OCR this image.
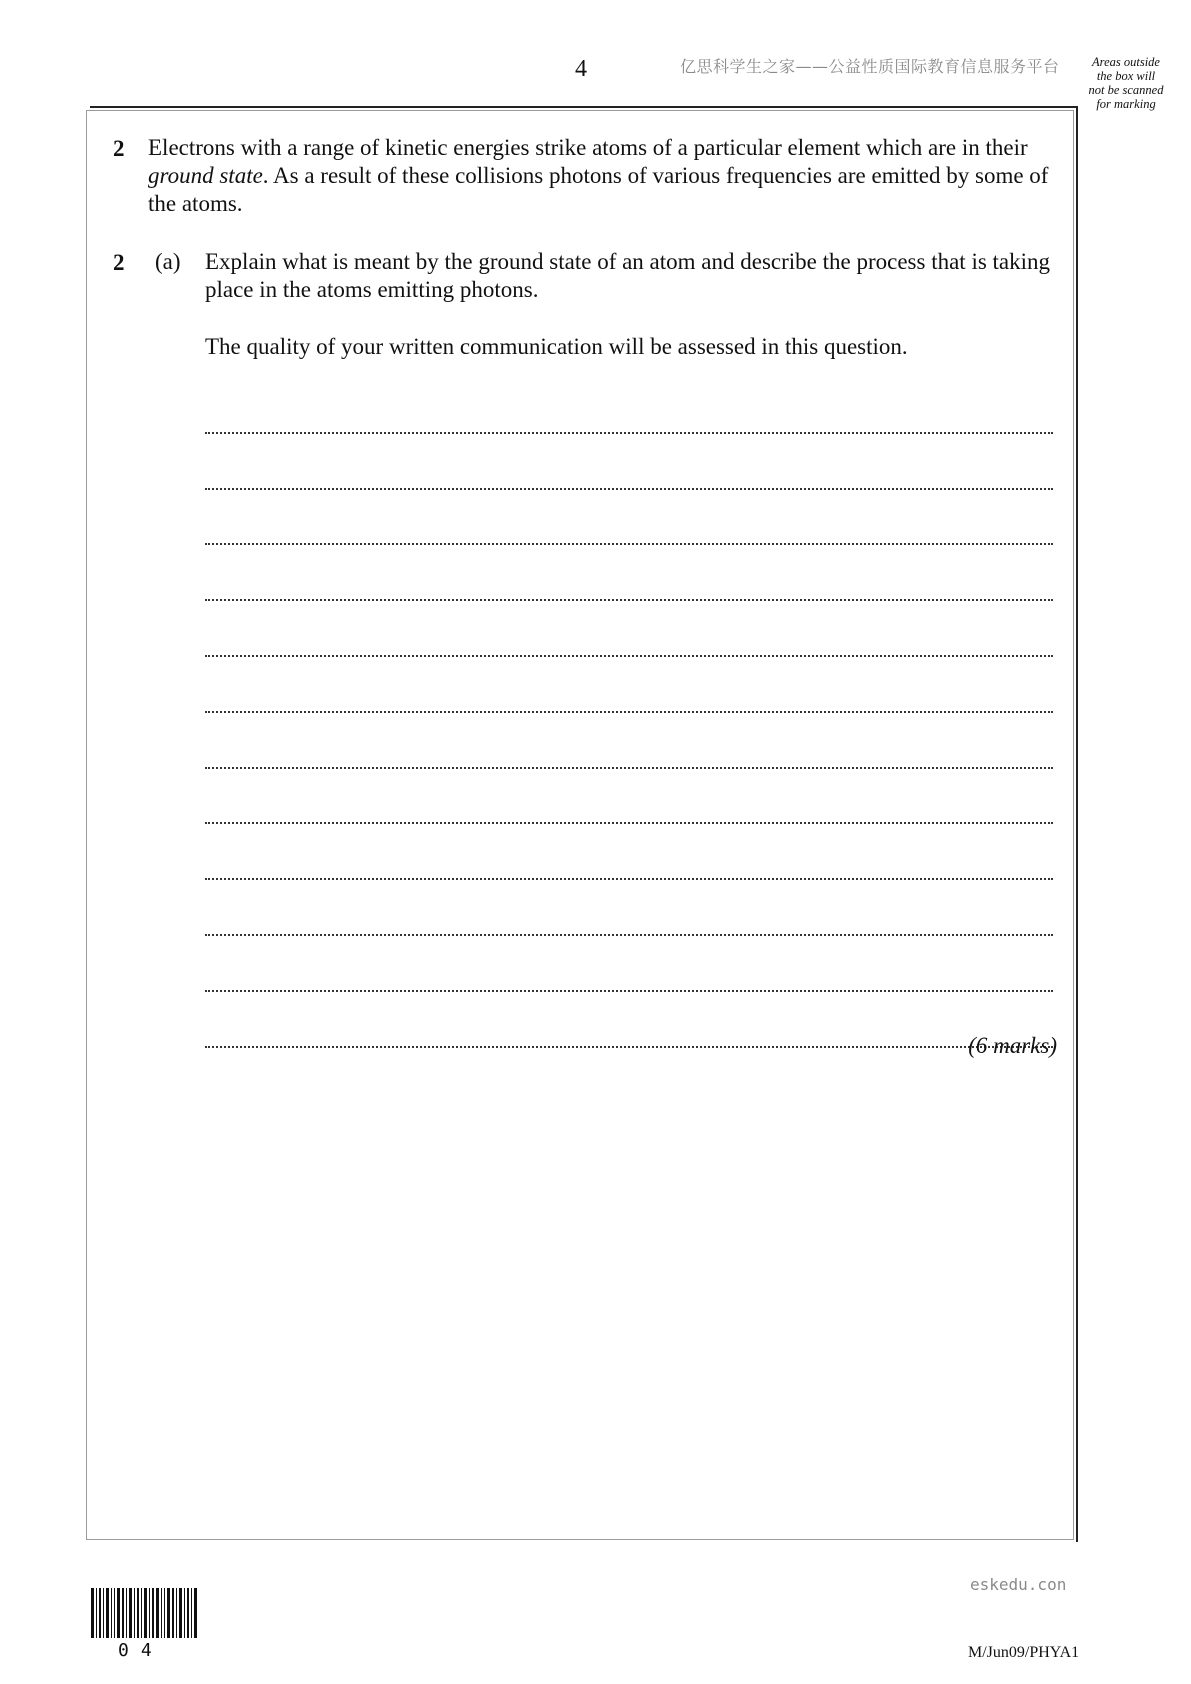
4	亿思科学生之家——公益性质国际教育信息服务平台	Areas outside
the box will
not be scanned
for marking
2 Electrons with a range of kinetic energies strike atoms of a particular element which are in their ground state. As a result of these collisions photons of various frequencies are emitted by some of the atoms.
2 (a) Explain what is meant by the ground state of an atom and describe the process that is taking place in the atoms emitting photons.
The quality of your written communication will be assessed in this question.
(6 marks)
eskedu.con
04	M/Jun09/PHYA1
